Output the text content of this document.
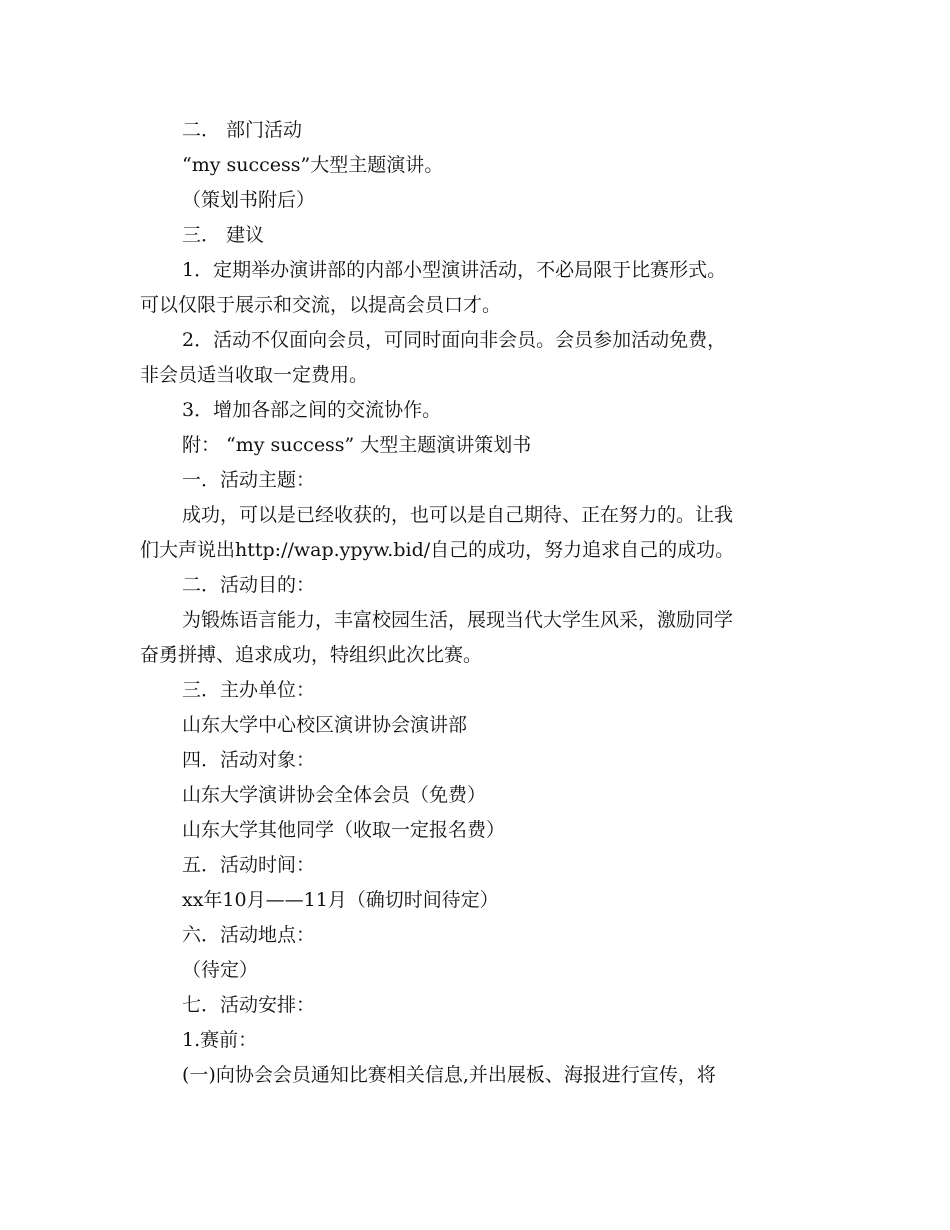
二． 部门活动
“my success”大型主题演讲。
（策划书附后）
三． 建议
1．定期举办演讲部的内部小型演讲活动，不必局限于比赛形式。
可以仅限于展示和交流，以提高会员口才。
2．活动不仅面向会员，可同时面向非会员。会员参加活动免费，
非会员适当收取一定费用。
3．增加各部之间的交流协作。
附： “my success” 大型主题演讲策划书
一．活动主题：
成功，可以是已经收获的，也可以是自己期待、正在努力的。让我
们大声说出http://wap.ypyw.bid/自己的成功，努力追求自己的成功。
二．活动目的：
为锻炼语言能力，丰富校园生活，展现当代大学生风采，激励同学
奋勇拼搏、追求成功，特组织此次比赛。
三．主办单位：
山东大学中心校区演讲协会演讲部
四．活动对象：
山东大学演讲协会全体会员（免费）
山东大学其他同学（收取一定报名费）
五．活动时间：
xx年10月——11月（确切时间待定）
六．活动地点：
（待定）
七．活动安排：
1.赛前：
(一)向协会会员通知比赛相关信息,并出展板、海报进行宣传，将
